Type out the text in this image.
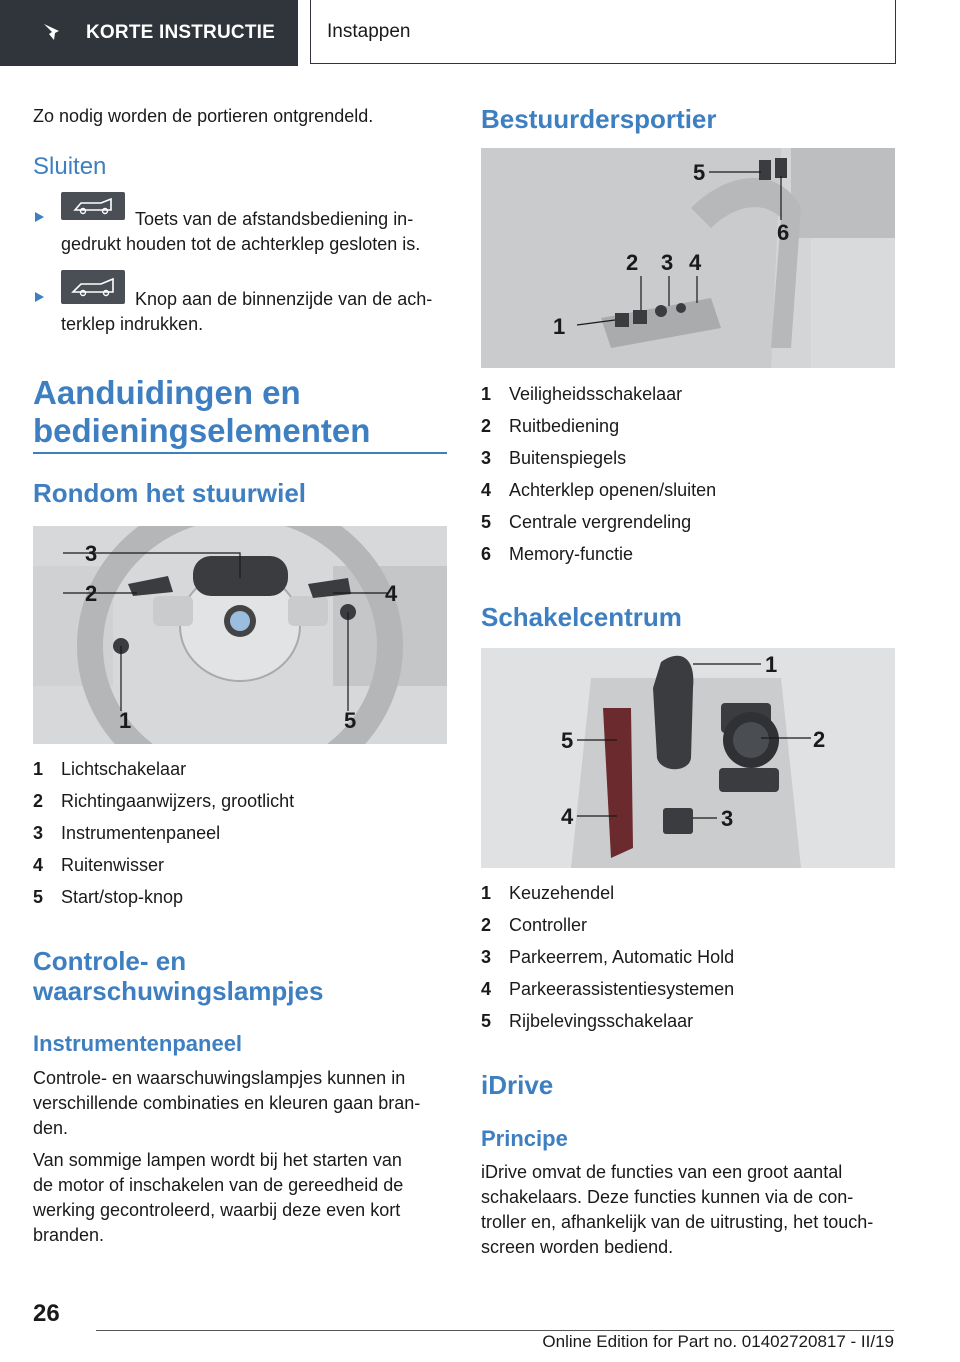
KORTE INSTRUCTIE	Instappen

Zo nodig worden de portieren ontgrendeld.

Sluiten
Toets van de afstandsbediening in-
gedrukt houden tot de achterklep gesloten is.
Knop aan de binnenzijde van de ach-
terklep indrukken.
Aanduidingen en
bedieningselementen
Rondom het stuurwiel
1
2
3
4
5
1 Lichtschakelaar
2 Richtingaanwijzers, grootlicht
3 Instrumentenpaneel
4 Ruitenwisser
5 Start/stop-knop
Controle- en
waarschuwingslampjes
Instrumentenpaneel
Controle- en waarschuwingslampjes kunnen in
verschillende combinaties en kleuren gaan bran-
den.
Van sommige lampen wordt bij het starten van
de motor of inschakelen van de gereedheid de
werking gecontroleerd, waarbij deze even kort
branden.
Bestuurdersportier
1
2 3 4
5
6
1 Veiligheidsschakelaar
2 Ruitbediening
3 Buitenspiegels
4 Achterklep openen/sluiten
5 Centrale vergrendeling
6 Memory-functie
Schakelcentrum
1
2
3
4
5
1 Keuzehendel
2 Controller
3 Parkeerrem, Automatic Hold
4 Parkeerassistentiesystemen
5 Rijbelevingsschakelaar
iDrive
Principe
iDrive omvat de functies van een groot aantal
schakelaars. Deze functies kunnen via de con-
troller en, afhankelijk van de uitrusting, het touch-
screen worden bediend.
26
Online Edition for Part no. 01402720817 - II/19
